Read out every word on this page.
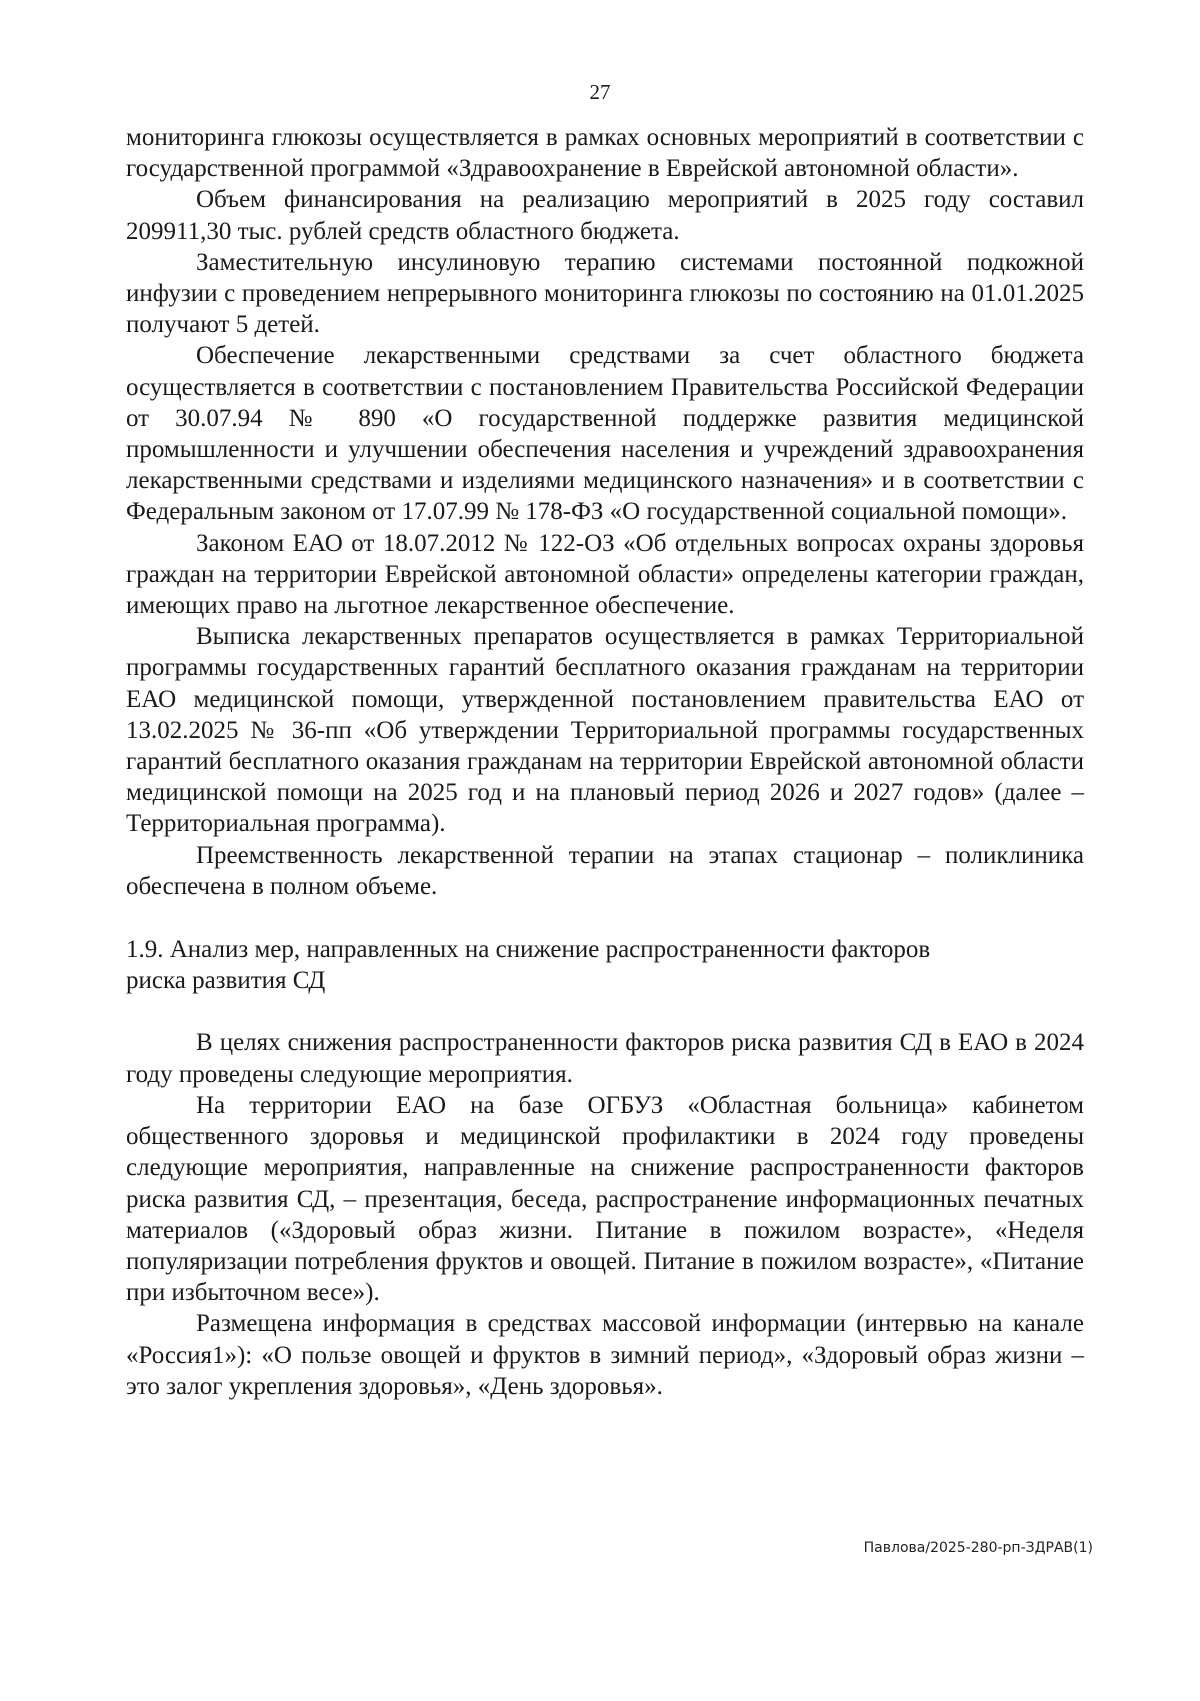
27

мониторинга глюкозы осуществляется в рамках основных мероприятий в соответствии с государственной программой «Здравоохранение в Еврейской автономной области».

Объем финансирования на реализацию мероприятий в 2025 году составил 209911,30 тыс. рублей средств областного бюджета.

Заместительную инсулиновую терапию системами постоянной подкожной инфузии с проведением непрерывного мониторинга глюкозы по состоянию на 01.01.2025 получают 5 детей.

Обеспечение лекарственными средствами за счет областного бюджета осуществляется в соответствии с постановлением Правительства Российской Федерации от 30.07.94 № 890 «О государственной поддержке развития медицинской промышленности и улучшении обеспечения населения и учреждений здравоохранения лекарственными средствами и изделиями медицинского назначения» и в соответствии с Федеральным законом от 17.07.99 № 178-ФЗ «О государственной социальной помощи».

Законом ЕАО от 18.07.2012 № 122-ОЗ «Об отдельных вопросах охраны здоровья граждан на территории Еврейской автономной области» определены категории граждан, имеющих право на льготное лекарственное обеспечение.

Выписка лекарственных препаратов осуществляется в рамках Территориальной программы государственных гарантий бесплатного оказания гражданам на территории ЕАО медицинской помощи, утвержденной постановлением правительства ЕАО от 13.02.2025 № 36-пп «Об утверждении Территориальной программы государственных гарантий бесплатного оказания гражданам на территории Еврейской автономной области медицинской помощи на 2025 год и на плановый период 2026 и 2027 годов» (далее – Территориальная программа).

Преемственность лекарственной терапии на этапах стационар – поликлиника обеспечена в полном объеме.

1.9. Анализ мер, направленных на снижение распространенности факторов

риска развития СД

В целях снижения распространенности факторов риска развития СД в ЕАО в 2024 году проведены следующие мероприятия.

На территории ЕАО на базе ОГБУЗ «Областная больница» кабинетом общественного здоровья и медицинской профилактики в 2024 году проведены следующие мероприятия, направленные на снижение распространенности факторов риска развития СД, – презентация, беседа, распространение информационных печатных материалов («Здоровый образ жизни. Питание в пожилом возрасте», «Неделя популяризации потребления фруктов и овощей. Питание в пожилом возрасте», «Питание при избыточном весе»).

Размещена информация в средствах массовой информации (интервью на канале «Россия1»): «О пользе овощей и фруктов в зимний период», «Здоровый образ жизни – это залог укрепления здоровья», «День здоровья».

Павлова/2025-280-рп-ЗДРАВ(1)
